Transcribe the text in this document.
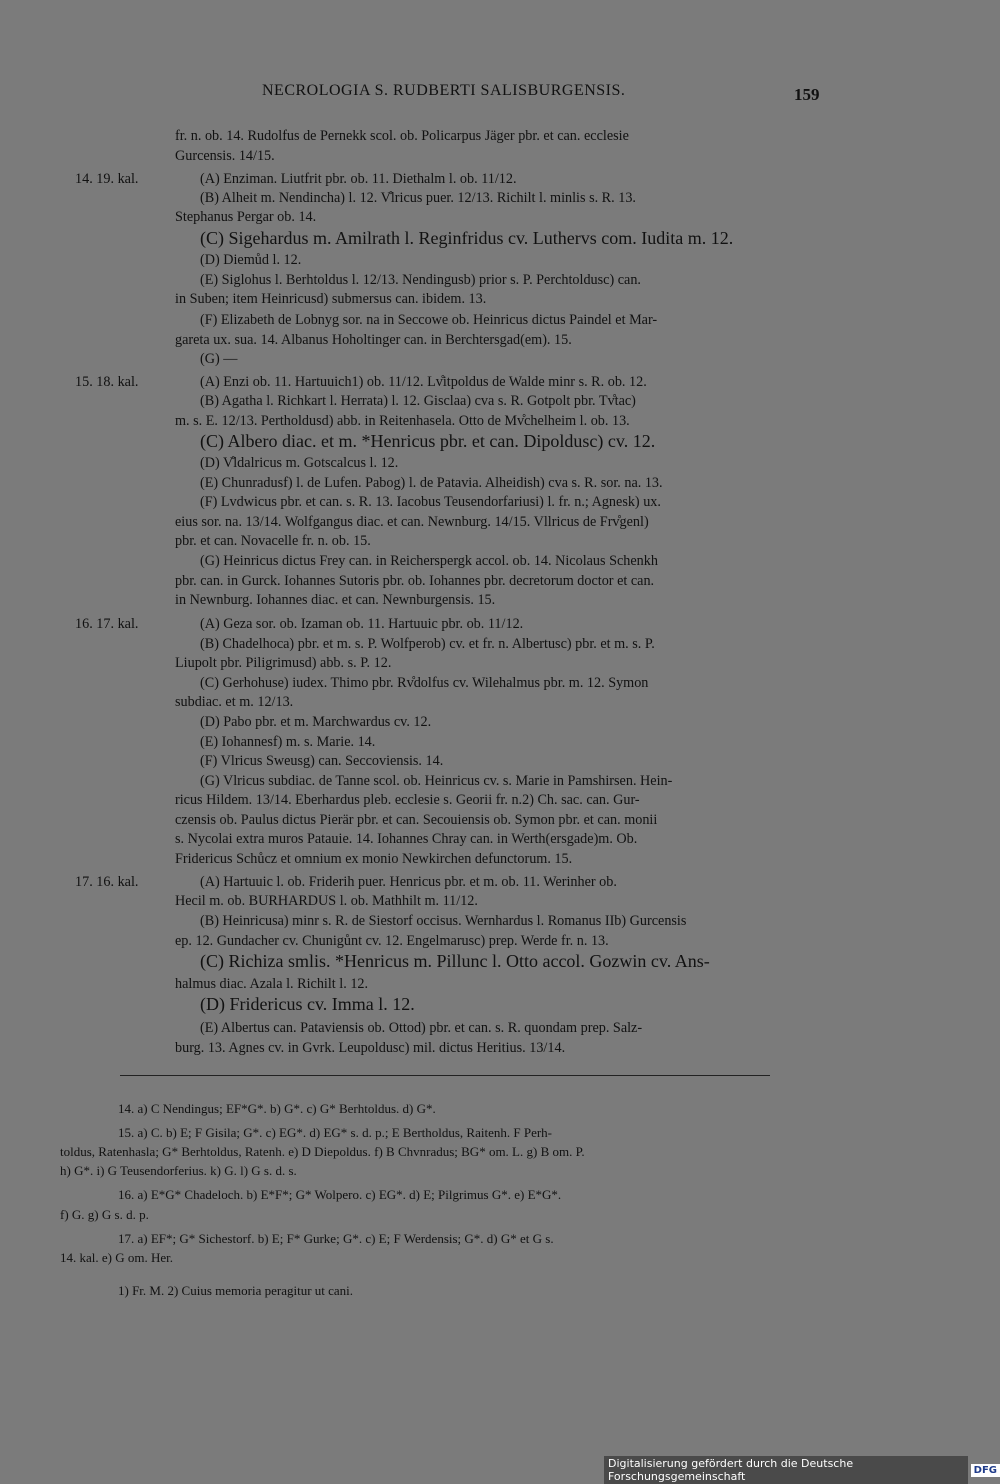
NECROLOGIA S. RUDBERTI SALISBURGENSIS.	159
fr. n. ob. 14. Rudolfus de Pernekk scol. ob. Policarpus Jäger pbr. et can. ecclesie
Gurcensis. 14/15.
14. 19. kal.	(A) Enziman. Liutfrit pbr. ob. 11. Diethalm l. ob. 11/12.
(B) Alheit m. Nendincha) l. 12. V̊lricus puer. 12/13. Richilt l. minlis s. R. 13.
Stephanus Pergar ob. 14.
(C) Sigehardus m. Amilrath l. Reginfridus cv. Luthervs com. Iudita m. 12.
(D) Diemůd l. 12.
(E) Siglohus l. Berhtoldus l. 12/13. Nendingusb) prior s. P. Perchtoldusc) can.
in Suben; item Heinricusd) submersus can. ibidem. 13.
(F) Elizabeth de Lobnyg sor. na in Seccowe ob. Heinricus dictus Paindel et Mar-
gareta ux. sua. 14. Albanus Hoholtinger can. in Berchtersgad(em). 15.
(G) —
15. 18. kal.	(A) Enzi ob. 11. Hartuuich1) ob. 11/12. Lv̊itpoldus de Walde minr s. R. ob. 12.
(B) Agatha l. Richkart l. Herrata) l. 12. Gisclaa) cva s. R. Gotpolt pbr. Tv̊tac)
m. s. E. 12/13. Pertholdusd) abb. in Reitenhasela. Otto de Mv̊chelheim l. ob. 13.
(C) Albero diac. et m. *Henricus pbr. et can. Dipoldusc) cv. 12.
(D) V̊ldalricus m. Gotscalcus l. 12.
(E) Chunradusf) l. de Lufen. Pabog) l. de Patavia. Alheidish) cva s. R. sor. na. 13.
(F) Lvdwicus pbr. et can. s. R. 13. Iacobus Teusendorfariusi) l. fr. n.; Agnesk) ux.
eius sor. na. 13/14. Wolfgangus diac. et can. Newnburg. 14/15. Vllricus de Frv̊genl)
pbr. et can. Novacelle fr. n. ob. 15.
(G) Heinricus dictus Frey can. in Reicherspergk accol. ob. 14. Nicolaus Schenkh
pbr. can. in Gurck. Iohannes Sutoris pbr. ob. Iohannes pbr. decretorum doctor et can.
in Newnburg. Iohannes diac. et can. Newnburgensis. 15.
16. 17. kal.	(A) Geza sor. ob. Izaman ob. 11. Hartuuic pbr. ob. 11/12.
(B) Chadelhoca) pbr. et m. s. P. Wolfperob) cv. et fr. n. Albertusc) pbr. et m. s. P.
Liupolt pbr. Piligrimusd) abb. s. P. 12.
(C) Gerhohuse) iudex. Thimo pbr. Rv̊dolfus cv. Wilehalmus pbr. m. 12. Symon
subdiac. et m. 12/13.
(D) Pabo pbr. et m. Marchwardus cv. 12.
(E) Iohannesf) m. s. Marie. 14.
(F) Vlricus Sweusg) can. Seccoviensis. 14.
(G) Vlricus subdiac. de Tanne scol. ob. Heinricus cv. s. Marie in Pamshirsen. Hein-
ricus Hildem. 13/14. Eberhardus pleb. ecclesie s. Georii fr. n.2) Ch. sac. can. Gur-
czensis ob. Paulus dictus Pierär pbr. et can. Secouiensis ob. Symon pbr. et can. monii
s. Nycolai extra muros Patauie. 14. Iohannes Chray can. in Werth(ersgade)m. Ob.
Fridericus Schůcz et omnium ex monio Newkirchen defunctorum. 15.
17. 16. kal.	(A) Hartuuic l. ob. Friderih puer. Henricus pbr. et m. ob. 11. Werinher ob.
Hecil m. ob. BURHARDUS l. ob. Mathhilt m. 11/12.
(B) Heinricusa) minr s. R. de Siestorf occisus. Wernhardus l. Romanus IIb) Gurcensis
ep. 12. Gundacher cv. Chunigůnt cv. 12. Engelmarusc) prep. Werde fr. n. 13.
(C) Richiza smlis. *Henricus m. Pillunc l. Otto accol. Gozwin cv. Ans-
halmus diac. Azala l. Richilt l. 12.
(D) Fridericus cv. Imma l. 12.
(E) Albertus can. Pataviensis ob. Ottod) pbr. et can. s. R. quondam prep. Salz-
burg. 13. Agnes cv. in Gvrk. Leupoldusc) mil. dictus Heritius. 13/14.
14. a) C Nendingus; EF*G*. b) G*. c) G* Berhtoldus. d) G*.
15. a) C. b) E; F Gisila; G*. c) EG*. d) EG* s. d. p.; E Bertholdus, Raitenh. F Perh-
toldus, Ratenhasla; G* Berhtoldus, Ratenh. e) D Diepoldus. f) B Chvnradus; BG* om. L. g) B om. P.
h) G*. i) G Teusendorferius. k) G. l) G s. d. s.
16. a) E*G* Chadeloch. b) E*F*; G* Wolpero. c) EG*. d) E; Pilgrimus G*. e) E*G*.
f) G. g) G s. d. p.
17. a) EF*; G* Sichestorf. b) E; F* Gurke; G*. c) E; F Werdensis; G*. d) G* et G s.
14. kal. e) G om. Her.
1) Fr. M. 2) Cuius memoria peragitur ut cani.
Digitalisierung gefördert durch die Deutsche Forschungsgemeinschaft	DFG
